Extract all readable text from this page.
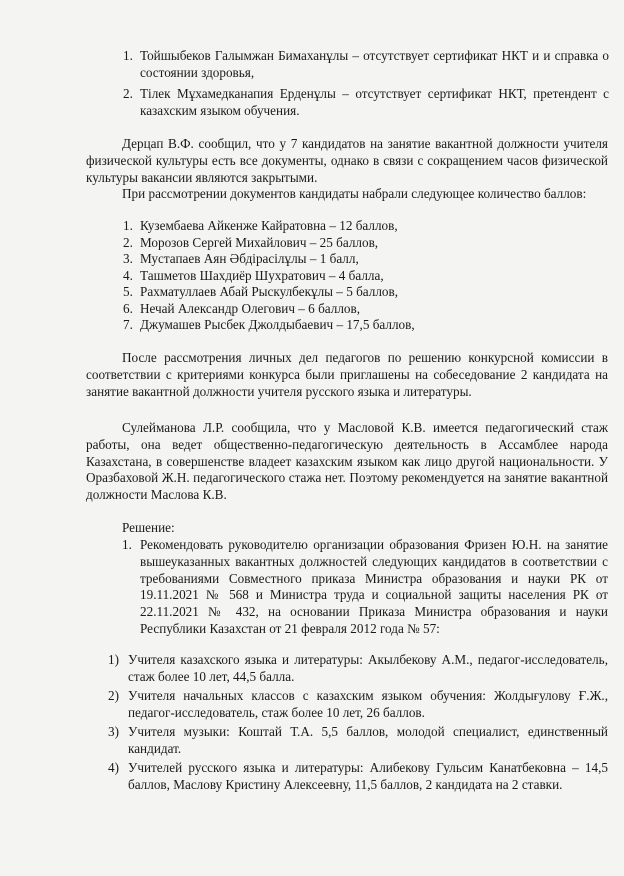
1. Тойшыбеков Галымжан Бимаханұлы – отсутствует сертификат НКТ и и справка о состоянии здоровья,
2. Тілек Мұхамедканапия Ерденұлы – отсутствует сертификат НКТ, претендент с казахским языком обучения.
Дерцап В.Ф. сообщил, что у 7 кандидатов на занятие вакантной должности учителя физической культуры есть все документы, однако в связи с сокращением часов физической культуры вакансии являются закрытыми.
При рассмотрении документов кандидаты набрали следующее количество баллов:
1. Кузембаева Айкенже Кайратовна – 12 баллов,
2. Морозов Сергей Михайлович – 25 баллов,
3. Мустапаев Аян Әбдірасілұлы – 1 балл,
4. Ташметов Шахдиёр Шухратович – 4 балла,
5. Рахматуллаев Абай Рыскулбекұлы – 5 баллов,
6. Нечай Александр Олегович – 6 баллов,
7. Джумашев Рысбек Джолдыбаевич – 17,5 баллов,
После рассмотрения личных дел педагогов по решению конкурсной комиссии в соответствии с критериями конкурса были приглашены на собеседование 2 кандидата на занятие вакантной должности учителя русского языка и литературы.
Сулейманова Л.Р. сообщила, что у Масловой К.В. имеется педагогический стаж работы, она ведет общественно-педагогическую деятельность в Ассамблее народа Казахстана, в совершенстве владеет казахским языком как лицо другой национальности. У Оразбаховой Ж.Н. педагогического стажа нет. Поэтому рекомендуется на занятие вакантной должности Маслова К.В.
Решение:
1. Рекомендовать руководителю организации образования Фризен Ю.Н. на занятие вышеуказанных вакантных должностей следующих кандидатов в соответствии с требованиями Совместного приказа Министра образования и науки РК от 19.11.2021 № 568 и Министра труда и социальной защиты населения РК от 22.11.2021 № 432, на основании Приказа Министра образования и науки Республики Казахстан от 21 февраля 2012 года № 57:
1) Учителя казахского языка и литературы: Акылбекову А.М., педагог-исследователь, стаж более 10 лет, 44,5 балла.
2) Учителя начальных классов с казахским языком обучения: Жолдығулову Ғ.Ж., педагог-исследователь, стаж более 10 лет, 26 баллов.
3) Учителя музыки: Коштай Т.А. 5,5 баллов, молодой специалист, единственный кандидат.
4) Учителей русского языка и литературы: Алибекову Гульсим Канатбековна – 14,5 баллов, Маслову Кристину Алексеевну, 11,5 баллов, 2 кандидата на 2 ставки.
